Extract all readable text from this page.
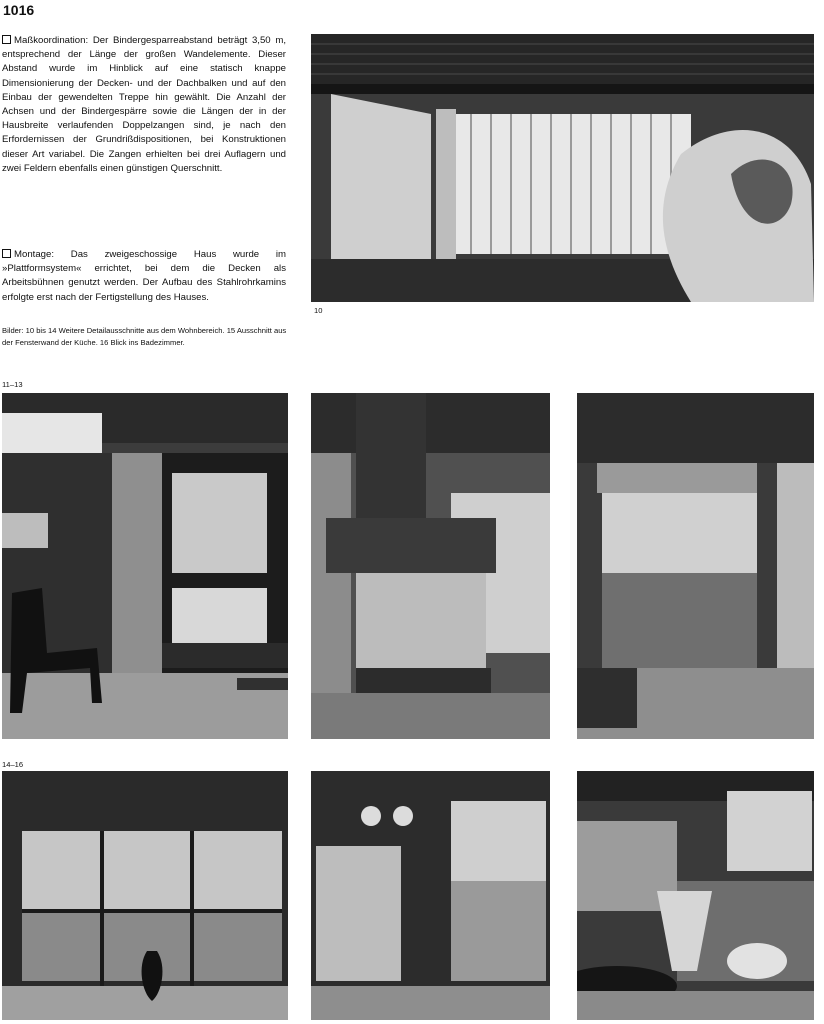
1016
Maßkoordination: Der Bindergesparreabstand beträgt 3,50 m, entsprechend der Länge der großen Wandelemente. Dieser Abstand wurde im Hinblick auf eine statisch knappe Dimensionierung der Decken- und der Dachbalken und auf den Einbau der gewendelten Treppe hin gewählt. Die Anzahl der Achsen und der Bindergespärre sowie die Längen der in der Hausbreite verlaufenden Doppelzangen sind, je nach den Erfordernissen der Grundrißdispositionen, bei Konstruktionen dieser Art variabel. Die Zangen erhielten bei drei Auflagern und zwei Feldern ebenfalls einen günstigen Querschnitt.
Montage: Das zweigeschossige Haus wurde im »Plattformsystem« errichtet, bei dem die Decken als Arbeitsbühnen genutzt werden. Der Aufbau des Stahlrohrkamins erfolgte erst nach der Fertigstellung des Hauses.
Bilder: 10 bis 14 Weitere Detailausschnitte aus dem Wohnbereich. 15 Ausschnitt aus der Fensterwand der Küche. 16 Blick ins Badezimmer.
10
11–13
14–16
